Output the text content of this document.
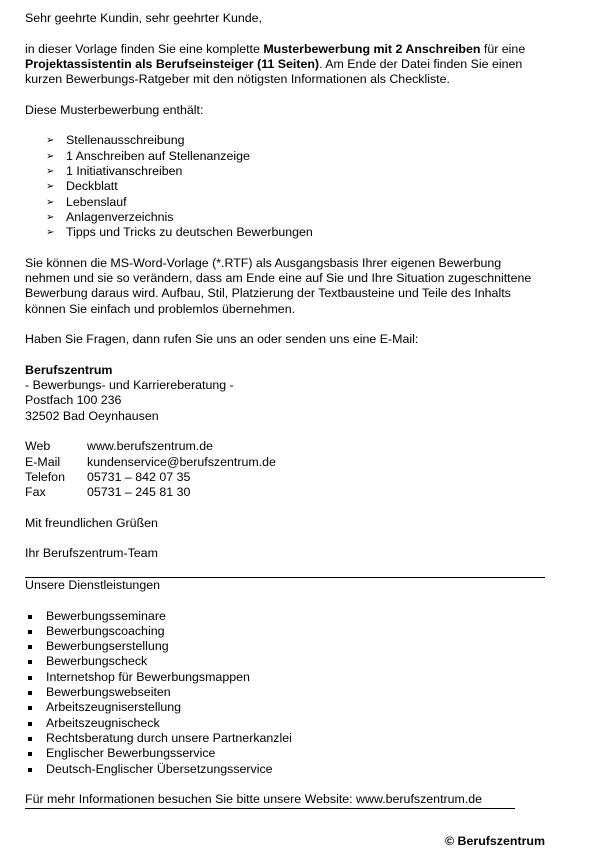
Sehr geehrte Kundin, sehr geehrter Kunde,

in dieser Vorlage finden Sie eine komplette Musterbewerbung mit 2 Anschreiben für eine Projektassistentin als Berufseinsteiger (11 Seiten). Am Ende der Datei finden Sie einen kurzen Bewerbungs-Ratgeber mit den nötigsten Informationen als Checkliste.

Diese Musterbewerbung enthält:

➢ Stellenausschreibung
➢ 1 Anschreiben auf Stellenanzeige
➢ 1 Initiativanschreiben
➢ Deckblatt
➢ Lebenslauf
➢ Anlagenverzeichnis
➢ Tipps und Tricks zu deutschen Bewerbungen

Sie können die MS-Word-Vorlage (*.RTF) als Ausgangsbasis Ihrer eigenen Bewerbung nehmen und sie so verändern, dass am Ende eine auf Sie und Ihre Situation zugeschnittene Bewerbung daraus wird. Aufbau, Stil, Platzierung der Textbausteine und Teile des Inhalts können Sie einfach und problemlos übernehmen.

Haben Sie Fragen, dann rufen Sie uns an oder senden uns eine E-Mail:

Berufszentrum

- Bewerbungs- und Karriereberatung -

Postfach 100 236

32502 Bad Oeynhausen

Web	www.berufszentrum.de
E-Mail	kundenservice@berufszentrum.de
Telefon	05731 – 842 07 35
Fax	05731 – 245 81 30

Mit freundlichen Grüßen

Ihr Berufszentrum-Team

Unsere Dienstleistungen

Bewerbungsseminare
Bewerbungscoaching
Bewerbungserstellung
Bewerbungscheck
Internetshop für Bewerbungsmappen
Bewerbungswebseiten
Arbeitszeugniserstellung
Arbeitszeugnischeck
Rechtsberatung durch unsere Partnerkanzlei
Englischer Bewerbungsservice
Deutsch-Englischer Übersetzungsservice
Für mehr Informationen besuchen Sie bitte unsere Website: www.berufszentrum.de
© Berufszentrum
